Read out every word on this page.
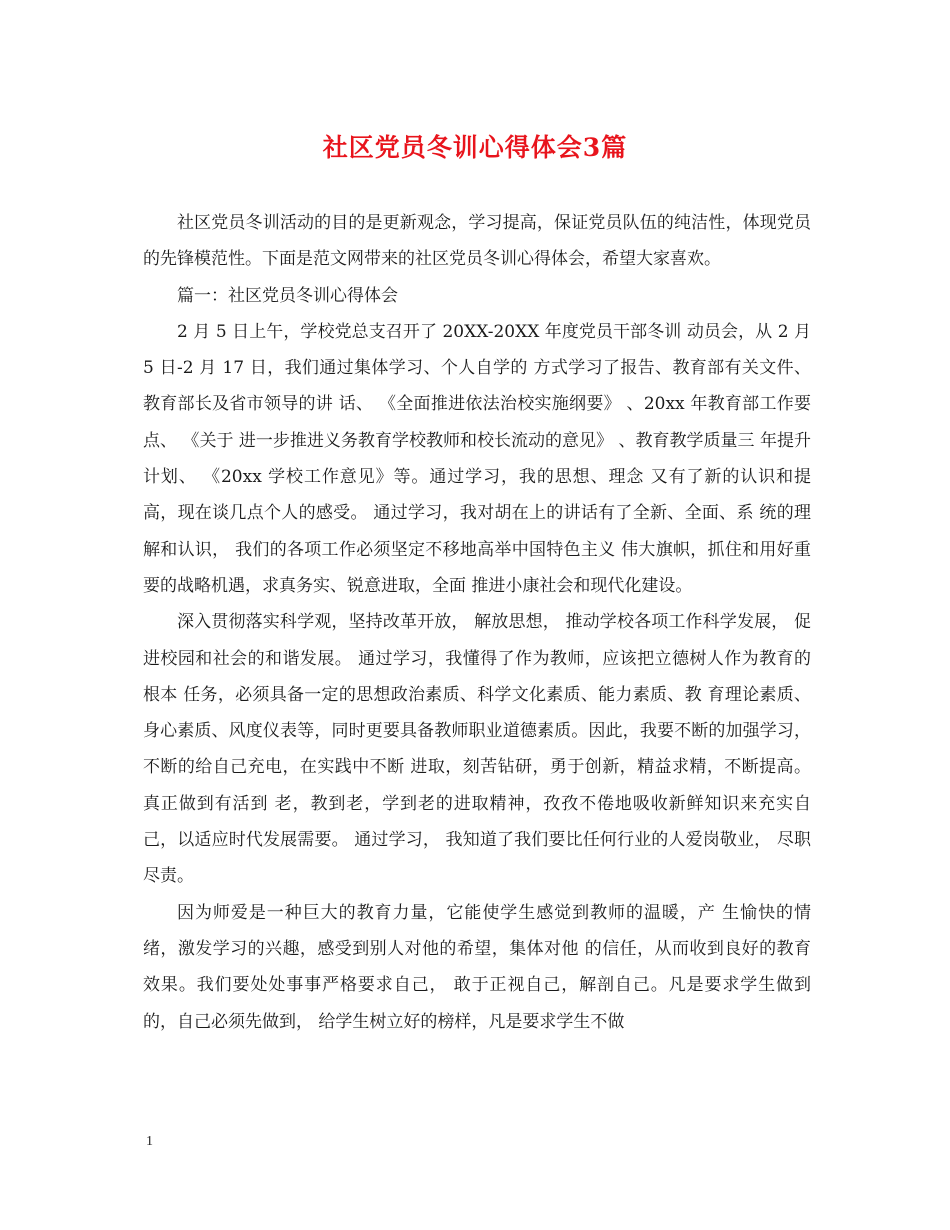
社区党员冬训心得体会3篇

社区党员冬训活动的目的是更新观念，学习提高，保证党员队伍的纯洁性，体现党员的先锋模范性。下面是范文网带来的社区党员冬训心得体会，希望大家喜欢。

篇一：社区党员冬训心得体会

2 月 5 日上午，学校党总支召开了 20XX-20XX 年度党员干部冬训 动员会，从 2 月 5 日-2 月 17 日，我们通过集体学习、个人自学的 方式学习了报告、教育部有关文件、教育部长及省市领导的讲 话、 《全面推进依法治校实施纲要》 、20xx 年教育部工作要点、 《关于 进一步推进义务教育学校教师和校长流动的意见》 、教育教学质量三 年提升计划、 《20xx 学校工作意见》等。通过学习，我的思想、理念 又有了新的认识和提高，现在谈几点个人的感受。 通过学习，我对胡在上的讲话有了全新、全面、系 统的理解和认识， 我们的各项工作必须坚定不移地高举中国特色主义 伟大旗帜，抓住和用好重要的战略机遇，求真务实、锐意进取，全面 推进小康社会和现代化建设。

深入贯彻落实科学观，坚持改革开放， 解放思想， 推动学校各项工作科学发展， 促进校园和社会的和谐发展。 通过学习，我懂得了作为教师，应该把立德树人作为教育的根本 任务，必须具备一定的思想政治素质、科学文化素质、能力素质、教 育理论素质、身心素质、风度仪表等，同时更要具备教师职业道德素质。因此，我要不断的加强学习，不断的给自己充电，在实践中不断 进取，刻苦钻研，勇于创新，精益求精，不断提高。真正做到有活到 老，教到老，学到老的进取精神，孜孜不倦地吸收新鲜知识来充实自 己，以适应时代发展需要。 通过学习， 我知道了我们要比任何行业的人爱岗敬业， 尽职尽责。

因为师爱是一种巨大的教育力量，它能使学生感觉到教师的温暖，产 生愉快的情绪，激发学习的兴趣，感受到别人对他的希望，集体对他 的信任，从而收到良好的教育效果。我们要处处事事严格要求自己， 敢于正视自己，解剖自己。凡是要求学生做到的，自己必须先做到， 给学生树立好的榜样，凡是要求学生不做

1
